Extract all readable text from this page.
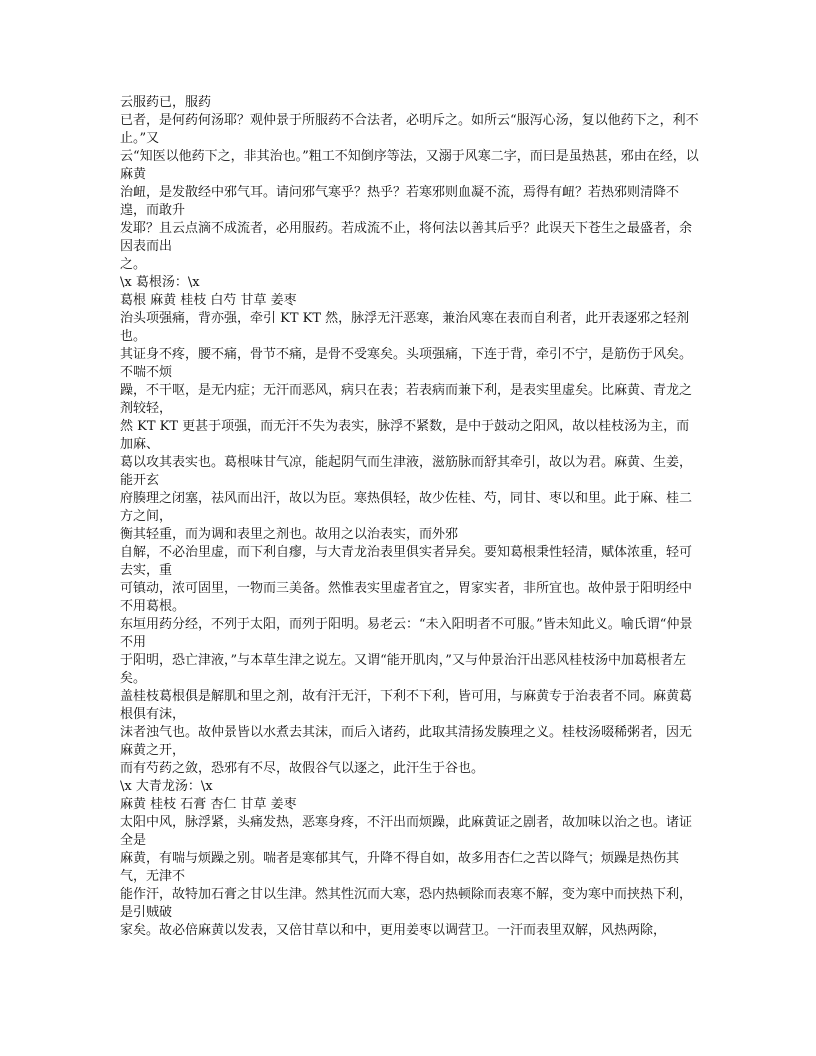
云服药已，服药

已者，是何药何汤耶？观仲景于所服药不合法者，必明斥之。如所云“服泻心汤，复以他药下之，利不止。”又

云“知医以他药下之，非其治也。”粗工不知倒序等法，又溺于风寒二字，而曰是虽热甚，邪由在经，以麻黄

治衄，是发散经中邪气耳。请问邪气寒乎？热乎？若寒邪则血凝不流，焉得有衄？若热邪则清降不遑，而敢升

发耶？且云点滴不成流者，必用服药。若成流不止，将何法以善其后乎？此误天下苍生之最盛者，余因表而出

之。

\x 葛根汤：\x

葛根 麻黄 桂枝 白芍 甘草 姜枣

治头项强痛，背亦强，牵引 KT KT 然，脉浮无汗恶寒，兼治风寒在表而自利者，此开表逐邪之轻剂也。

其证身不疼，腰不痛，骨节不痛，是骨不受寒矣。头项强痛，下连于背，牵引不宁，是筋伤于风矣。不喘不烦

躁，不干呕，是无内症；无汗而恶风，病只在表；若表病而兼下利，是表实里虚矣。比麻黄、青龙之剂较轻，

然 KT KT 更甚于项强，而无汗不失为表实，脉浮不紧数，是中于鼓动之阳风，故以桂枝汤为主，而加麻、

葛以攻其表实也。葛根味甘气凉，能起阴气而生津液，滋筋脉而舒其牵引，故以为君。麻黄、生姜，能开玄

府腠理之闭塞，祛风而出汗，故以为臣。寒热俱轻，故少佐桂、芍，同甘、枣以和里。此于麻、桂二方之间，

衡其轻重，而为调和表里之剂也。故用之以治表实，而外邪

自解，不必治里虚，而下利自瘳，与大青龙治表里俱实者异矣。要知葛根秉性轻清，赋体浓重，轻可去实，重

可镇动，浓可固里，一物而三美备。然惟表实里虚者宜之，胃家实者，非所宜也。故仲景于阳明经中不用葛根。

东垣用药分经，不列于太阳，而列于阳明。易老云：“未入阳明者不可服。”皆未知此义。喻氏谓“仲景不用

于阳明，恐亡津液，”与本草生津之说左。又谓“能开肌肉，”又与仲景治汗出恶风桂枝汤中加葛根者左矣。

盖桂枝葛根俱是解肌和里之剂，故有汗无汗，下利不下利，皆可用，与麻黄专于治表者不同。麻黄葛根俱有沫，

沫者浊气也。故仲景皆以水煮去其沫，而后入诸药，此取其清扬发腠理之义。桂枝汤啜稀粥者，因无麻黄之开，

而有芍药之敛，恐邪有不尽，故假谷气以逐之，此汗生于谷也。

\x 大青龙汤：\x

麻黄 桂枝 石膏 杏仁 甘草 姜枣

太阳中风，脉浮紧，头痛发热，恶寒身疼，不汗出而烦躁，此麻黄证之剧者，故加味以治之也。诸证全是

麻黄，有喘与烦躁之别。喘者是寒郁其气，升降不得自如，故多用杏仁之苦以降气；烦躁是热伤其气，无津不

能作汗，故特加石膏之甘以生津。然其性沉而大寒，恐内热顿除而表寒不解，变为寒中而挟热下利，是引贼破

家矣。故必倍麻黄以发表，又倍甘草以和中，更用姜枣以调营卫。一汗而表里双解，风热两除，
